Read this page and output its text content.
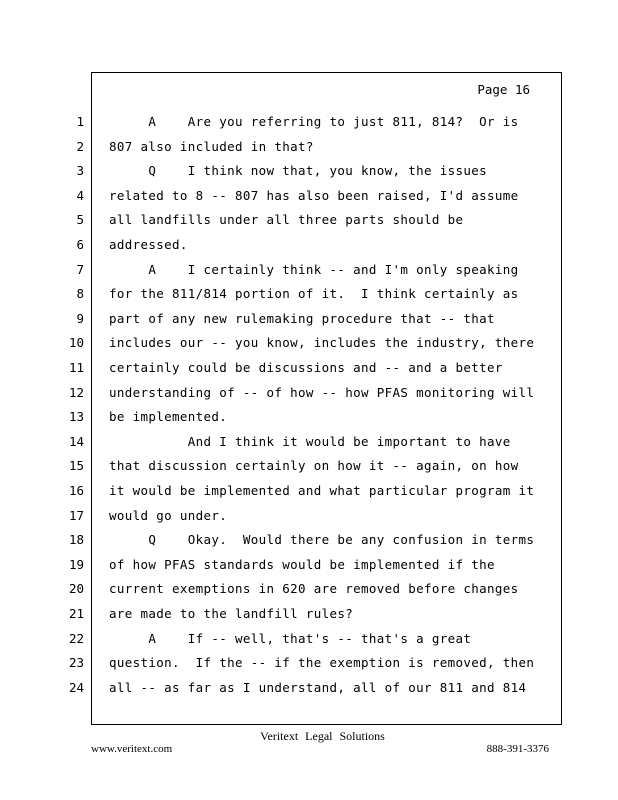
Page 16
1 A    Are you referring to just 811, 814?  Or is
2 807 also included in that?
3 Q    I think now that, you know, the issues
4 related to 8 -- 807 has also been raised, I'd assume
5 all landfills under all three parts should be
6 addressed.
7 A    I certainly think -- and I'm only speaking
8 for the 811/814 portion of it.  I think certainly as
9 part of any new rulemaking procedure that -- that
10 includes our -- you know, includes the industry, there
11 certainly could be discussions and -- and a better
12 understanding of -- of how -- how PFAS monitoring will
13 be implemented.
14 And I think it would be important to have
15 that discussion certainly on how it -- again, on how
16 it would be implemented and what particular program it
17 would go under.
18 Q    Okay.  Would there be any confusion in terms
19 of how PFAS standards would be implemented if the
20 current exemptions in 620 are removed before changes
21 are made to the landfill rules?
22 A    If -- well, that's -- that's a great
23 question.  If the -- if the exemption is removed, then
24 all -- as far as I understand, all of our 811 and 814
Veritext Legal Solutions
www.veritext.com	888-391-3376
